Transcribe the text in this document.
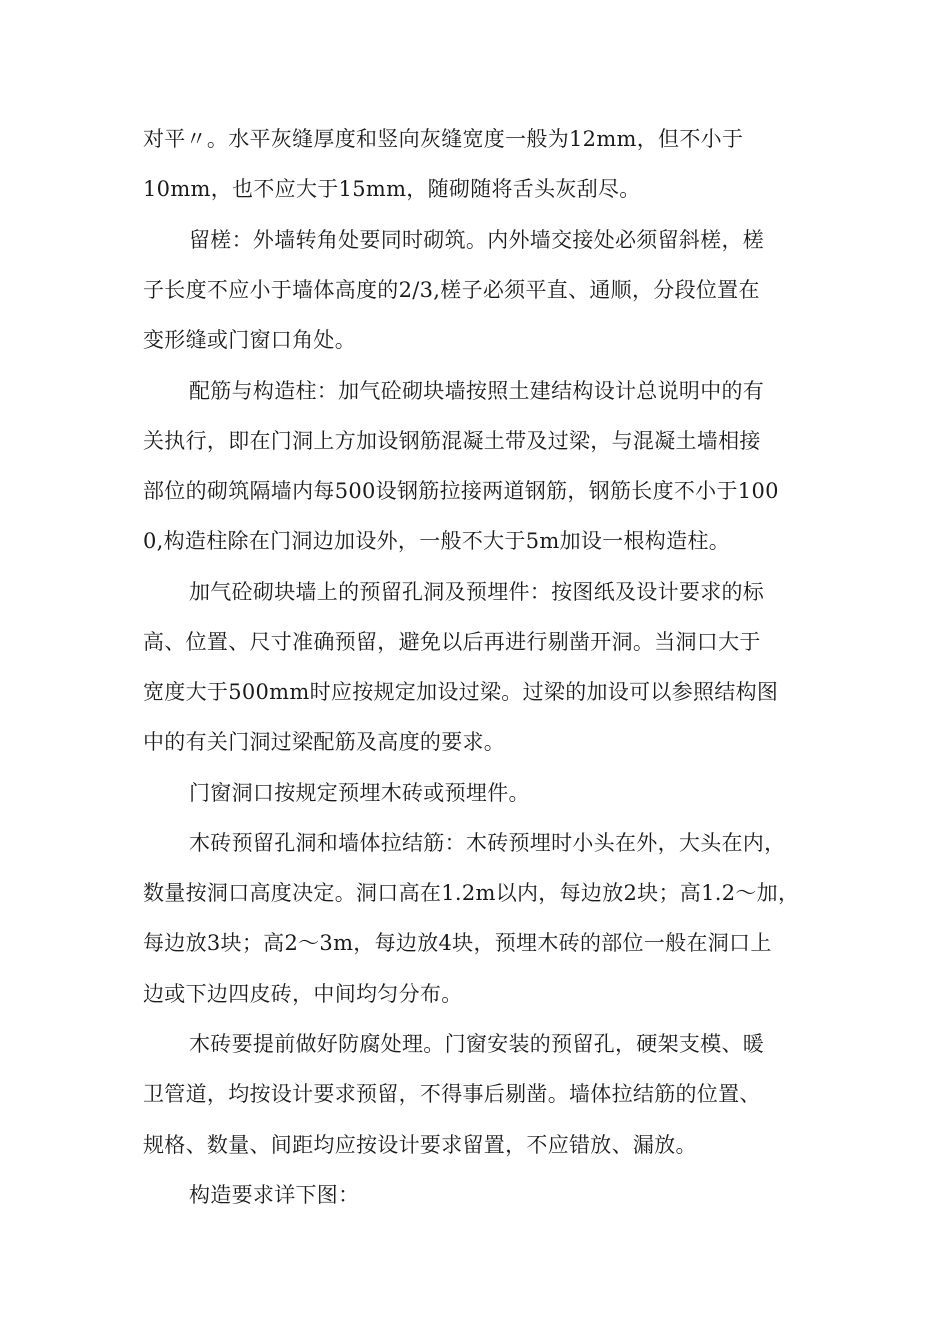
对平〃。水平灰缝厚度和竖向灰缝宽度一般为12mm，但不小于
10mm，也不应大于15mm，随砌随将舌头灰刮尽。
留槎：外墙转角处要同时砌筑。内外墙交接处必须留斜槎，槎
子长度不应小于墙体高度的2/3,槎子必须平直、通顺，分段位置在
变形缝或门窗口角处。
配筋与构造柱：加气砼砌块墙按照土建结构设计总说明中的有
关执行，即在门洞上方加设钢筋混凝土带及过梁，与混凝土墙相接
部位的砌筑隔墙内每500设钢筋拉接两道钢筋，钢筋长度不小于100
0,构造柱除在门洞边加设外，一般不大于5m加设一根构造柱。
加气砼砌块墙上的预留孔洞及预埋件：按图纸及设计要求的标
高、位置、尺寸准确预留，避免以后再进行剔凿开洞。当洞口大于
宽度大于500mm时应按规定加设过梁。过梁的加设可以参照结构图
中的有关门洞过梁配筋及高度的要求。
门窗洞口按规定预埋木砖或预埋件。
木砖预留孔洞和墙体拉结筋：木砖预埋时小头在外，大头在内，
数量按洞口高度决定。洞口高在1.2m以内，每边放2块；高1.2〜加，
每边放3块；高2〜3m，每边放4块，预埋木砖的部位一般在洞口上
边或下边四皮砖，中间均匀分布。
木砖要提前做好防腐处理。门窗安装的预留孔，硬架支模、暖
卫管道，均按设计要求预留，不得事后剔凿。墙体拉结筋的位置、
规格、数量、间距均应按设计要求留置，不应错放、漏放。
构造要求详下图：
